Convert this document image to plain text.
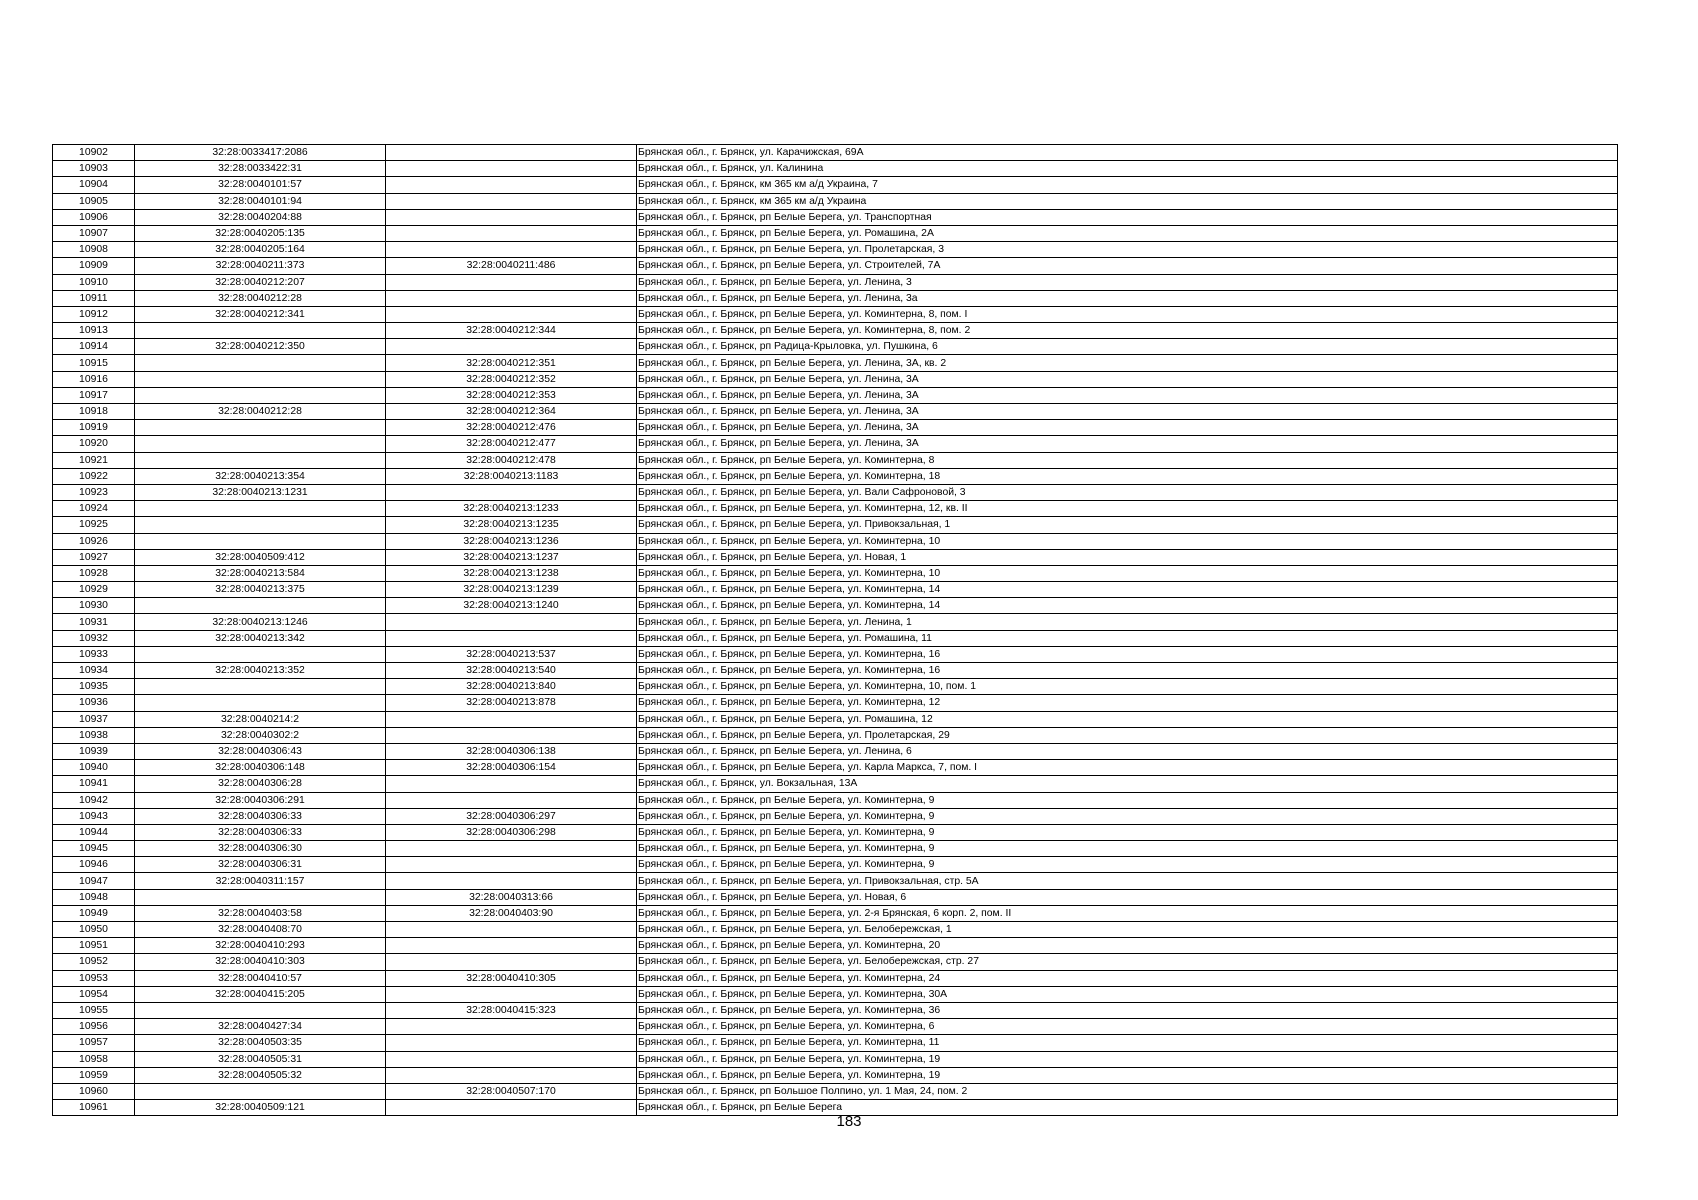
10902	32:28:0033417:2086		Брянская обл., г. Брянск, ул. Карачижская, 69А
10903	32:28:0033422:31		Брянская обл., г. Брянск, ул. Калинина
10904	32:28:0040101:57		Брянская обл., г. Брянск, км 365 км а/д Украина, 7
10905	32:28:0040101:94		Брянская обл., г. Брянск, км 365 км а/д Украина
10906	32:28:0040204:88		Брянская обл., г. Брянск, рп Белые Берега, ул. Транспортная
10907	32:28:0040205:135		Брянская обл., г. Брянск, рп Белые Берега, ул. Ромашина, 2А
10908	32:28:0040205:164		Брянская обл., г. Брянск, рп Белые Берега, ул. Пролетарская, 3
10909	32:28:0040211:373	32:28:0040211:486	Брянская обл., г. Брянск, рп Белые Берега, ул. Строителей, 7А
10910	32:28:0040212:207		Брянская обл., г. Брянск, рп Белые Берега, ул. Ленина, 3
10911	32:28:0040212:28		Брянская обл., г. Брянск, рп Белые Берега, ул. Ленина, 3а
10912	32:28:0040212:341		Брянская обл., г. Брянск, рп Белые Берега, ул. Коминтерна, 8, пом. I
10913		32:28:0040212:344	Брянская обл., г. Брянск, рп Белые Берега, ул. Коминтерна, 8, пом. 2
10914	32:28:0040212:350		Брянская обл., г. Брянск, рп Радица-Крыловка, ул. Пушкина, 6
10915		32:28:0040212:351	Брянская обл., г. Брянск, рп Белые Берега, ул. Ленина, 3А, кв. 2
10916		32:28:0040212:352	Брянская обл., г. Брянск, рп Белые Берега, ул. Ленина, 3А
10917		32:28:0040212:353	Брянская обл., г. Брянск, рп Белые Берега, ул. Ленина, 3А
10918	32:28:0040212:28	32:28:0040212:364	Брянская обл., г. Брянск, рп Белые Берега, ул. Ленина, 3А
10919		32:28:0040212:476	Брянская обл., г. Брянск, рп Белые Берега, ул. Ленина, 3А
10920		32:28:0040212:477	Брянская обл., г. Брянск, рп Белые Берега, ул. Ленина, 3А
10921		32:28:0040212:478	Брянская обл., г. Брянск, рп Белые Берега, ул. Коминтерна, 8
10922	32:28:0040213:354	32:28:0040213:1183	Брянская обл., г. Брянск, рп Белые Берега, ул. Коминтерна, 18
10923	32:28:0040213:1231		Брянская обл., г. Брянск, рп Белые Берега, ул. Вали Сафроновой, 3
10924		32:28:0040213:1233	Брянская обл., г. Брянск, рп Белые Берега, ул. Коминтерна, 12, кв. II
10925		32:28:0040213:1235	Брянская обл., г. Брянск, рп Белые Берега, ул. Привокзальная, 1
10926		32:28:0040213:1236	Брянская обл., г. Брянск, рп Белые Берега, ул. Коминтерна, 10
10927	32:28:0040509:412	32:28:0040213:1237	Брянская обл., г. Брянск, рп Белые Берега, ул. Новая, 1
10928	32:28:0040213:584	32:28:0040213:1238	Брянская обл., г. Брянск, рп Белые Берега, ул. Коминтерна, 10
10929	32:28:0040213:375	32:28:0040213:1239	Брянская обл., г. Брянск, рп Белые Берега, ул. Коминтерна, 14
10930		32:28:0040213:1240	Брянская обл., г. Брянск, рп Белые Берега, ул. Коминтерна, 14
10931	32:28:0040213:1246		Брянская обл., г. Брянск, рп Белые Берега, ул. Ленина, 1
10932	32:28:0040213:342		Брянская обл., г. Брянск, рп Белые Берега, ул. Ромашина, 11
10933		32:28:0040213:537	Брянская обл., г. Брянск, рп Белые Берега, ул. Коминтерна, 16
10934	32:28:0040213:352	32:28:0040213:540	Брянская обл., г. Брянск, рп Белые Берега, ул. Коминтерна, 16
10935		32:28:0040213:840	Брянская обл., г. Брянск, рп Белые Берега, ул. Коминтерна, 10, пом. 1
10936		32:28:0040213:878	Брянская обл., г. Брянск, рп Белые Берега, ул. Коминтерна, 12
10937	32:28:0040214:2		Брянская обл., г. Брянск, рп Белые Берега, ул. Ромашина, 12
10938	32:28:0040302:2		Брянская обл., г. Брянск, рп Белые Берега, ул. Пролетарская, 29
10939	32:28:0040306:43	32:28:0040306:138	Брянская обл., г. Брянск, рп Белые Берега, ул. Ленина, 6
10940	32:28:0040306:148	32:28:0040306:154	Брянская обл., г. Брянск, рп Белые Берега, ул. Карла Маркса, 7, пом. I
10941	32:28:0040306:28		Брянская обл., г. Брянск, ул. Вокзальная, 13А
10942	32:28:0040306:291		Брянская обл., г. Брянск, рп Белые Берега, ул. Коминтерна, 9
10943	32:28:0040306:33	32:28:0040306:297	Брянская обл., г. Брянск, рп Белые Берега, ул. Коминтерна, 9
10944	32:28:0040306:33	32:28:0040306:298	Брянская обл., г. Брянск, рп Белые Берега, ул. Коминтерна, 9
10945	32:28:0040306:30		Брянская обл., г. Брянск, рп Белые Берега, ул. Коминтерна, 9
10946	32:28:0040306:31		Брянская обл., г. Брянск, рп Белые Берега, ул. Коминтерна, 9
10947	32:28:0040311:157		Брянская обл., г. Брянск, рп Белые Берега, ул. Привокзальная, стр. 5А
10948		32:28:0040313:66	Брянская обл., г. Брянск, рп Белые Берега, ул. Новая, 6
10949	32:28:0040403:58	32:28:0040403:90	Брянская обл., г. Брянск, рп Белые Берега, ул. 2-я Брянская, 6 корп. 2, пом. II
10950	32:28:0040408:70		Брянская обл., г. Брянск, рп Белые Берега, ул. Белобережская, 1
10951	32:28:0040410:293		Брянская обл., г. Брянск, рп Белые Берега, ул. Коминтерна, 20
10952	32:28:0040410:303		Брянская обл., г. Брянск, рп Белые Берега, ул. Белобережская, стр. 27
10953	32:28:0040410:57	32:28:0040410:305	Брянская обл., г. Брянск, рп Белые Берега, ул. Коминтерна, 24
10954	32:28:0040415:205		Брянская обл., г. Брянск, рп Белые Берега, ул. Коминтерна, 30А
10955		32:28:0040415:323	Брянская обл., г. Брянск, рп Белые Берега, ул. Коминтерна, 36
10956	32:28:0040427:34		Брянская обл., г. Брянск, рп Белые Берега, ул. Коминтерна, 6
10957	32:28:0040503:35		Брянская обл., г. Брянск, рп Белые Берега, ул. Коминтерна, 11
10958	32:28:0040505:31		Брянская обл., г. Брянск, рп Белые Берега, ул. Коминтерна, 19
10959	32:28:0040505:32		Брянская обл., г. Брянск, рп Белые Берега, ул. Коминтерна, 19
10960		32:28:0040507:170	Брянская обл., г. Брянск, рп Большое Полпино, ул. 1 Мая, 24, пом. 2
10961	32:28:0040509:121		Брянская обл., г. Брянск, рп Белые Берега
183
